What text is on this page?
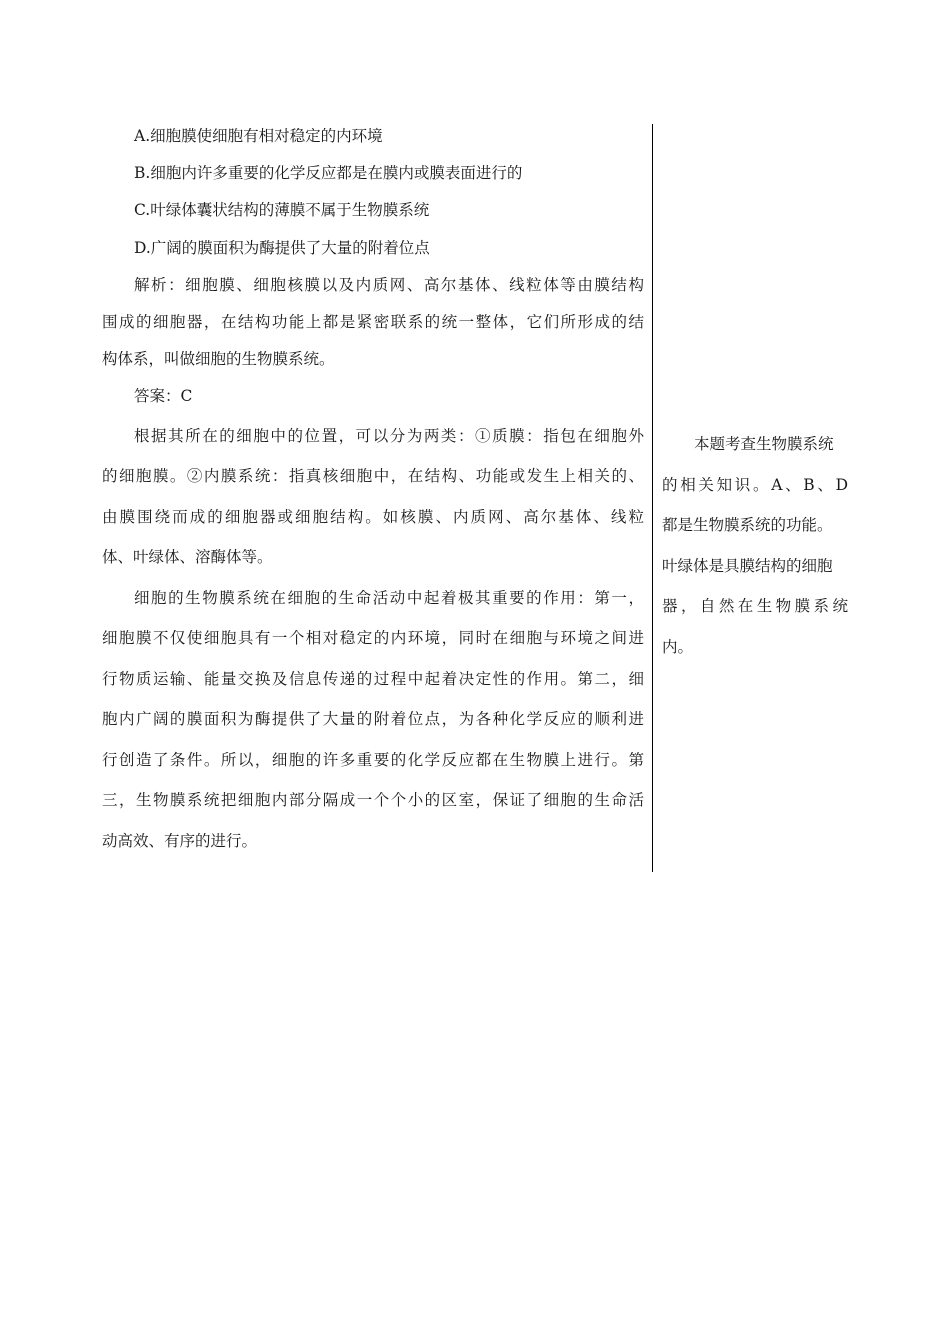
A.细胞膜使细胞有相对稳定的内环境
B.细胞内许多重要的化学反应都是在膜内或膜表面进行的
C.叶绿体囊状结构的薄膜不属于生物膜系统
D.广阔的膜面积为酶提供了大量的附着位点
解析：细胞膜、细胞核膜以及内质网、高尔基体、线粒体等由膜结构
围成的细胞器，在结构功能上都是紧密联系的统一整体，它们所形成的结
构体系，叫做细胞的生物膜系统。
答案：C
根据其所在的细胞中的位置，可以分为两类：①质膜：指包在细胞外
的细胞膜。②内膜系统：指真核细胞中，在结构、功能或发生上相关的、
由膜围绕而成的细胞器或细胞结构。如核膜、内质网、高尔基体、线粒
体、叶绿体、溶酶体等。
细胞的生物膜系统在细胞的生命活动中起着极其重要的作用：第一，
细胞膜不仅使细胞具有一个相对稳定的内环境，同时在细胞与环境之间进
行物质运输、能量交换及信息传递的过程中起着决定性的作用。第二，细
胞内广阔的膜面积为酶提供了大量的附着位点，为各种化学反应的顺利进
行创造了条件。所以，细胞的许多重要的化学反应都在生物膜上进行。第
三，生物膜系统把细胞内部分隔成一个个小的区室，保证了细胞的生命活
动高效、有序的进行。
本题考查生物膜系统
的相关知识。A、B、D
都是生物膜系统的功能。
叶绿体是具膜结构的细胞
器，自然在生物膜系统
内。
